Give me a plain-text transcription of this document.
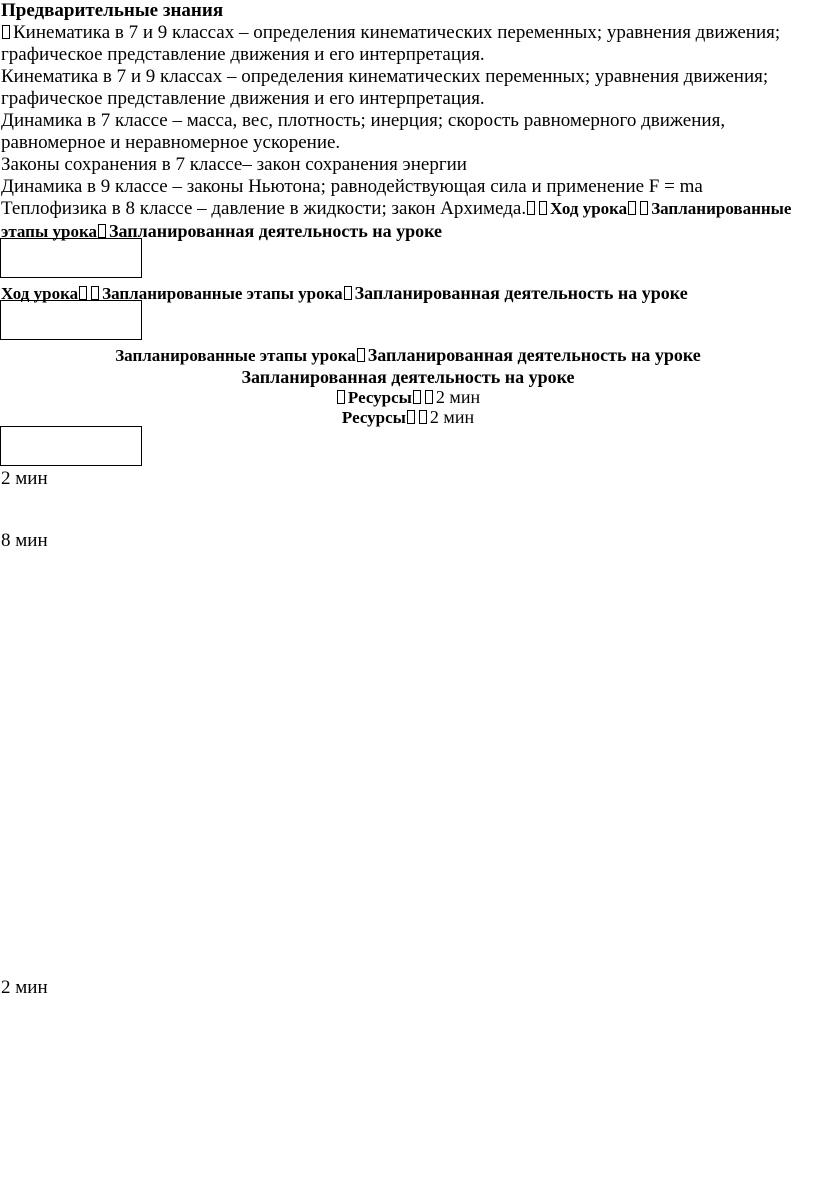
Предварительные знания
Кинематика в 7 и 9 классах – определения кинематических переменных; уравнения движения;
графическое представление движения и его интерпретация.
Кинематика в 7 и 9 классах – определения кинематических переменных; уравнения движения;
графическое представление движения и его интерпретация.
Динамика в 7 классе – масса, вес, плотность; инерция; скорость равномерного движения,
равномерное и неравномерное ускорение.
Законы сохранения в 7 классе– закон сохранения энергии
Динамика в 9 классе – законы Ньютона; равнодействующая сила и применение F = ma
Теплофизика в 8 классе – давление в жидкости; закон Архимеда. Ход урока Запланированные
этапы урока Запланированная деятельность на уроке
Ход урока Запланированные этапы урока Запланированная деятельность на уроке
Запланированные этапы урока Запланированная деятельность на уроке
Запланированная деятельность на уроке
Ресурсы 2 мин
Ресурсы 2 мин
2 мин
8 мин
2 мин
